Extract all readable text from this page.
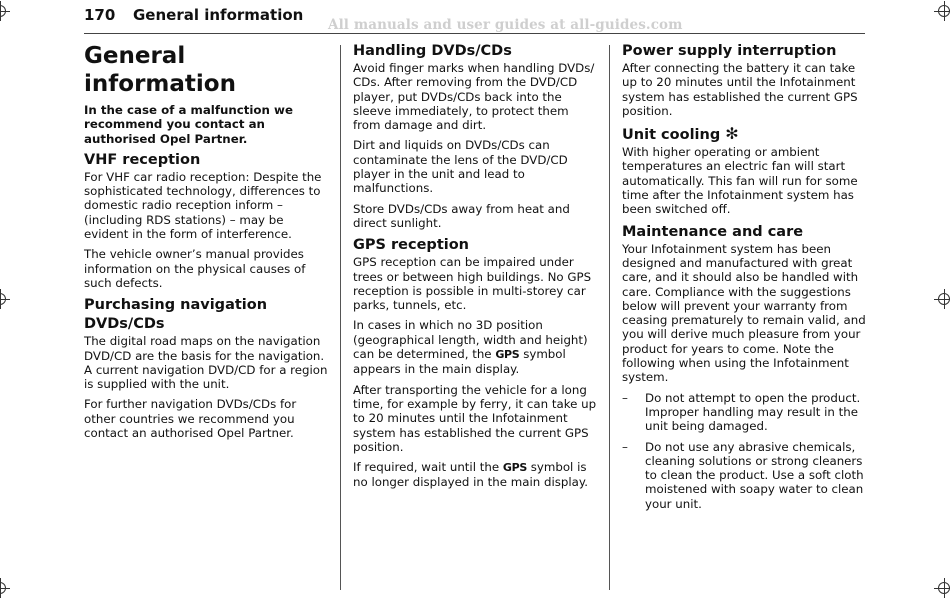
170 General information
All manuals and user guides at all-guides.com
General information

In the case of a malfunction we recommend you contact an authorised Opel Partner.

VHF reception

For VHF car radio reception: Despite the sophisticated technology, differences to domestic radio reception inform – (including RDS stations) – may be evident in the form of interference.

The vehicle owner’s manual provides information on the physical causes of such defects.

Purchasing navigation DVDs/CDs

The digital road maps on the navigation DVD/CD are the basis for the navigation. A current navigation DVD/CD for a region is supplied with the unit.

For further navigation DVDs/CDs for other countries we recommend you contact an authorised Opel Partner.

Handling DVDs/CDs

Avoid finger marks when handling DVDs/ CDs. After removing from the DVD/CD player, put DVDs/CDs back into the sleeve immediately, to protect them from damage and dirt.

Dirt and liquids on DVDs/CDs can contaminate the lens of the DVD/CD player in the unit and lead to malfunctions.

Store DVDs/CDs away from heat and direct sunlight.

GPS reception

GPS reception can be impaired under trees or between high buildings. No GPS reception is possible in multi-storey car parks, tunnels, etc.

In cases in which no 3D position (geographical length, width and height) can be determined, the GPS symbol appears in the main display.

After transporting the vehicle for a long time, for example by ferry, it can take up to 20 minutes until the Infotainment system has established the current GPS position.

If required, wait until the GPS symbol is no longer displayed in the main display.

Power supply interruption

After connecting the battery it can take up to 20 minutes until the Infotainment system has established the current GPS position.

Unit cooling ✻

With higher operating or ambient temperatures an electric fan will start automatically. This fan will run for some time after the Infotainment system has been switched off.

Maintenance and care

Your Infotainment system has been designed and manufactured with great care, and it should also be handled with care. Compliance with the suggestions below will prevent your warranty from ceasing prematurely to remain valid, and you will derive much pleasure from your product for years to come. Note the following when using the Infotainment system.

– Do not attempt to open the product. Improper handling may result in the unit being damaged.
– Do not use any abrasive chemicals, cleaning solutions or strong cleaners to clean the product. Use a soft cloth moistened with soapy water to clean your unit.
